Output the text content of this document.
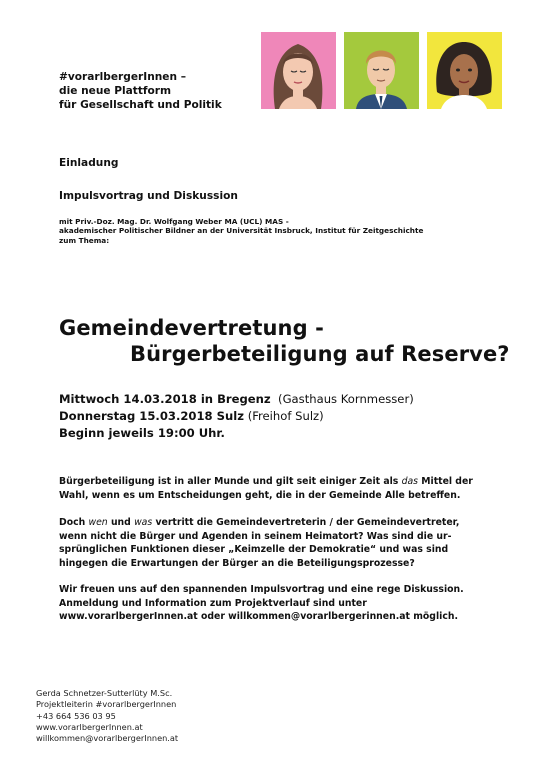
#vorarlbergerInnen –
die neue Plattform
für Gesellschaft und Politik
Einladung
Impulsvortrag und Diskussion
mit Priv.-Doz. Mag. Dr. Wolfgang Weber MA (UCL) MAS -
akademischer Politischer Bildner an der Universität Insbruck, Institut für Zeitgeschichte
zum Thema:
Gemeindevertretung -
Bürgerbeteiligung auf Reserve?
Mittwoch 14.03.2018 in Bregenz (Gasthaus Kornmesser)
Donnerstag 15.03.2018 Sulz (Freihof Sulz)
Beginn jeweils 19:00 Uhr.
Bürgerbeteiligung ist in aller Munde und gilt seit einiger Zeit als das Mittel der
Wahl, wenn es um Entscheidungen geht, die in der Gemeinde Alle betreffen.
Doch wen und was vertritt die Gemeindevertreterin / der Gemeindevertreter,
wenn nicht die Bürger und Agenden in seinem Heimatort? Was sind die ur-
sprünglichen Funktionen dieser „Keimzelle der Demokratie“ und was sind
hingegen die Erwartungen der Bürger an die Beteiligungsprozesse?
Wir freuen uns auf den spannenden Impulsvortrag und eine rege Diskussion.
Anmeldung und Information zum Projektverlauf sind unter
www.vorarlbergerInnen.at oder willkommen@vorarlbergerinnen.at möglich.
Gerda Schnetzer-Sutterlüty M.Sc.
Projektleiterin #vorarlbergerInnen
+43 664 536 03 95
www.vorarlbergerInnen.at
willkommen@vorarlbergerInnen.at
